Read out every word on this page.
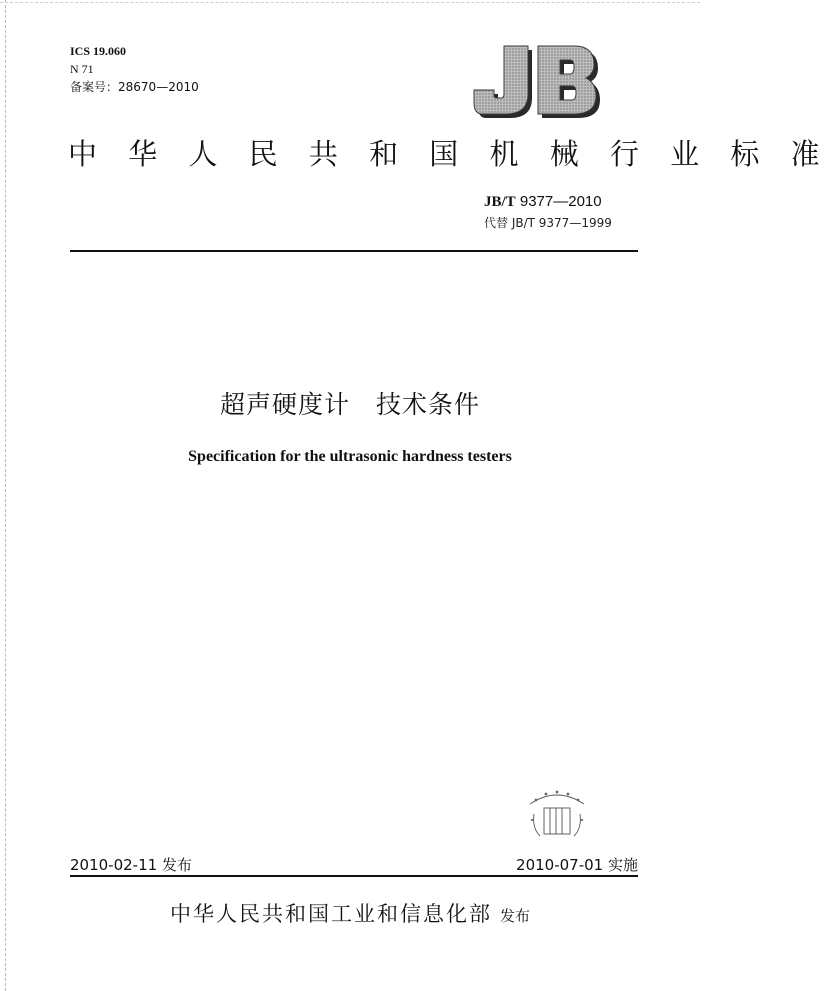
ICS 19.060
N 71
备案号：28670—2010
中 华 人 民 共 和 国 机 械 行 业 标 准
JB/T 9377—2010
代替 JB/T 9377—1999
超声硬度计　技术条件
Specification for the ultrasonic hardness testers
2010-02-11 发布	2010-07-01 实施
中华人民共和国工业和信息化部 发布
